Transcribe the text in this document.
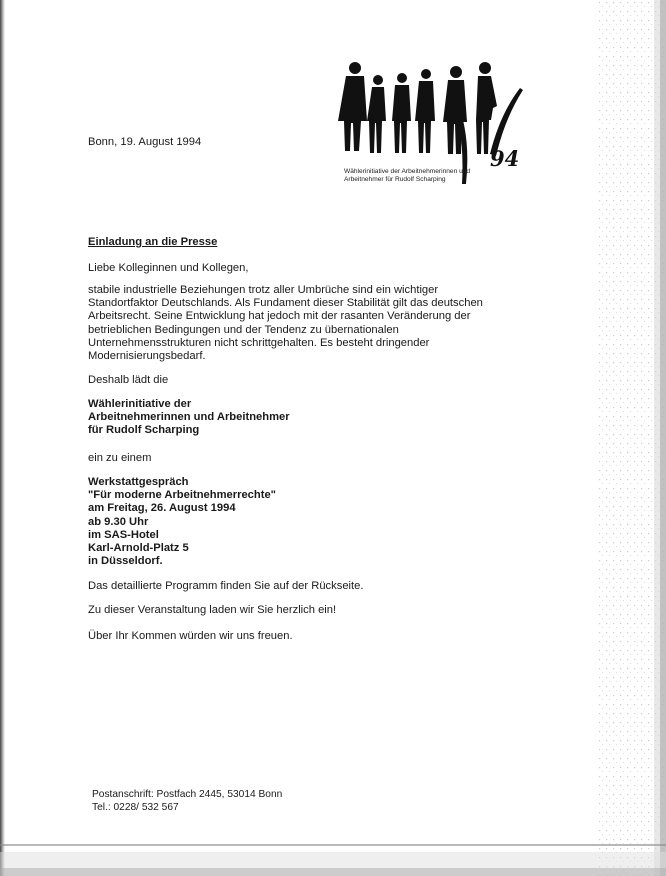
Wählerinitiative der Arbeitnehmerinnen und
Arbeitnehmer für Rudolf Scharping
94
Bonn, 19. August 1994
Einladung an die Presse
Liebe Kolleginnen und Kollegen,
stabile industrielle Beziehungen trotz aller Umbrüche sind ein wichtiger
Standortfaktor Deutschlands. Als Fundament dieser Stabilität gilt das deutschen
Arbeitsrecht. Seine Entwicklung hat jedoch mit der rasanten Veränderung der
betrieblichen Bedingungen und der Tendenz zu übernationalen
Unternehmensstrukturen nicht schrittgehalten. Es besteht dringender
Modernisierungsbedarf.
Deshalb lädt die
Wählerinitiative der
Arbeitnehmerinnen und Arbeitnehmer
für Rudolf Scharping
ein zu einem
Werkstattgespräch
"Für moderne Arbeitnehmerrechte"
am Freitag, 26. August 1994
ab 9.30 Uhr
im SAS-Hotel
Karl-Arnold-Platz 5
in Düsseldorf.
Das detaillierte Programm finden Sie auf der Rückseite.
Zu dieser Veranstaltung laden wir Sie herzlich ein!
Über Ihr Kommen würden wir uns freuen.
Postanschrift: Postfach 2445, 53014 Bonn
Tel.: 0228/ 532 567
